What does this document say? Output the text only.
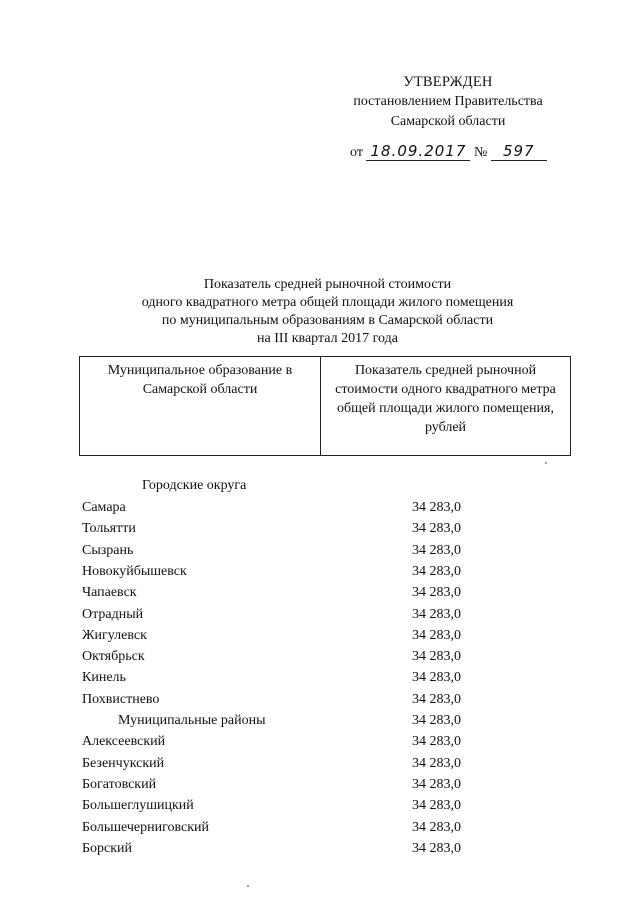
УТВЕРЖДЕН
постановлением Правительства
Самарской области
от 18.09.2017 № 597
Показатель средней рыночной стоимости
одного квадратного метра общей площади жилого помещения
по муниципальным образованиям в Самарской области
на III квартал 2017 года
Муниципальное образование в Самарской области	Показатель средней рыночной стоимости одного квадратного метра общей площади жилого помещения, рублей
Городские округа
Самара	34 283,0
Тольятти	34 283,0
Сызрань	34 283,0
Новокуйбышевск	34 283,0
Чапаевск	34 283,0
Отрадный	34 283,0
Жигулевск	34 283,0
Октябрьск	34 283,0
Кинель	34 283,0
Похвистнево	34 283,0
Муниципальные районы	34 283,0
Алексеевский	34 283,0
Безенчукский	34 283,0
Богатовский	34 283,0
Большеглушицкий	34 283,0
Большечерниговский	34 283,0
Борский	34 283,0
